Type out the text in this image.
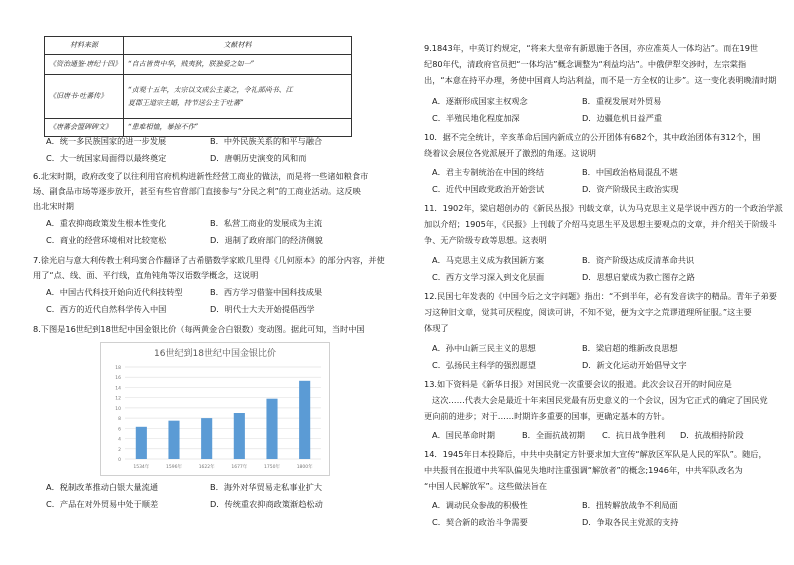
材料来源	文献材料
《资治通鉴·唐纪十四》	“自古皆贵中华，贱夷狄，朕独爱之如一”
《旧唐书·吐蕃传》	“贞观十五年，太宗以文成公主妻之，令礼部尚书、江
夏郡王道宗主婚，持节送公主于吐蕃”

《唐蕃会盟碑碑文》	“患难相恤，暴掠不作”
A．统一多民族国家的进一步发展	B．中外民族关系的和平与融合
C．大一统国家局面得以最终奠定	D．唐朝历史演变的风和而
6.北宋时期，政府改变了以往利用官府机构进新性经营工商业的做法，而是将一些诸如粮食市
场、副食品市场等逐步放开，甚至有些官营部门直接参与“分民之利”的工商业活动。这反映
出北宋时期
A．重农抑商政策发生根本性变化	B．私营工商业的发展成为主流
C．商业的经营环境相对比较宽松	D．退制了政府部门的经济侧貌
7.徐光启与意大利传教士利玛窦合作翻译了古希腊数学家欧几里得《几何原本》的部分内容，并使
用了“点、线、面、平行线，直角钝角等汉语数学概念，这说明
A．中国古代科技开始向近代科技转型	B．西方学习借鉴中国科技成果
C．西方的近代自然科学传入中国	D．明代士大夫开始提倡西学
8.下图是16世纪到18世纪中国金银比价（每两黄金合白银数）变动图。据此可知，当时中国
16世纪到18世纪中国金银比价
0
2
4
6
8
10
12
14
16
18
1534年	1596年	1622年	1677年	1750年	1800年
A．税制改革推动白银大量流通	B．海外对华贸易走私事业扩大
C．产品在对外贸易中处于顺差	D．传统重农抑商政策渐趋松动
9.1843年，中英订约规定，“将来大皇帝有新恩施于各国，亦应准英人一体均沾”。而在19世
纪80年代，清政府官员把“一体均沾”概念调整为“利益均沾”。中俄伊犁交涉时，左宗棠指
出，“本意在持平办理，务使中国商人均沾利益，而不是一方全权的让步”。这一变化表明晚清时期
A．逐渐形成国家主权观念	B．重视发展对外贸易
C．半殖民地化程度加深	D．边疆危机日益严重
10．据不完全统计，辛亥革命后国内新成立的公开团体有682个，其中政治团体有312个，围
绕着议会展位各党派展开了激烈的角逐。这说明
A．君主专制统治在中国的终结	B．中国政治格局混乱不堪
C．近代中国政党政治开始尝试	D．资产阶级民主政治实现
11．1902年，梁启超创办的《新民丛报》刊载文章，认为马克思主义是学说中西方的一个政治学派
加以介绍；1905年，《民报》上刊载了介绍马克思生平及思想主要观点的文章，并介绍关于阶级斗
争、无产阶级专政等思想。这表明
A．马克思主义成为救国新方案	B．资产阶级达成反清革命共识
C．西方文学习深入到文化层面	D．思想启蒙成为救亡图存之路
12.民国七年发表的《中国今后之文字问题》指出：“不到半年，必有发音读字的精品。青年子弟要
习这种旧文章，觉其可厌程度，阅读可讲，不知不觉，便为文字之荒谬道理所征服。”这主要
体现了
A．孙中山新三民主义的思想	B．梁启超的维新改良思想
C．弘扬民主科学的强烈愿望	D．新文化运动开始倡导文字
13.如下资料是《新华日报》对国民党一次重要会议的报道。此次会议召开的时间应是
这次……代表大会是最近十年来国民党最有历史意义的一个会议，因为它正式的确定了国民党
更向前的进步；对于……时期许多重要的国事，更确定基本的方针。
A．国民革命时期	B．全面抗战初期 C．抗日战争胜利 D．抗战相持阶段
14．1945年日本投降后，中共中央制定方针要求加大宣传“解放区军队是人民的军队”。随后，
中共报刊在报道中共军队偏见失地时注重强调“解放者”的概念;1946年，中共军队改名为
“中国人民解放军”。这些做法旨在
A．调动民众参战的积极性	B．扭转解放战争不利局面
C．契合新的政治斗争需要	D．争取各民主党派的支持
